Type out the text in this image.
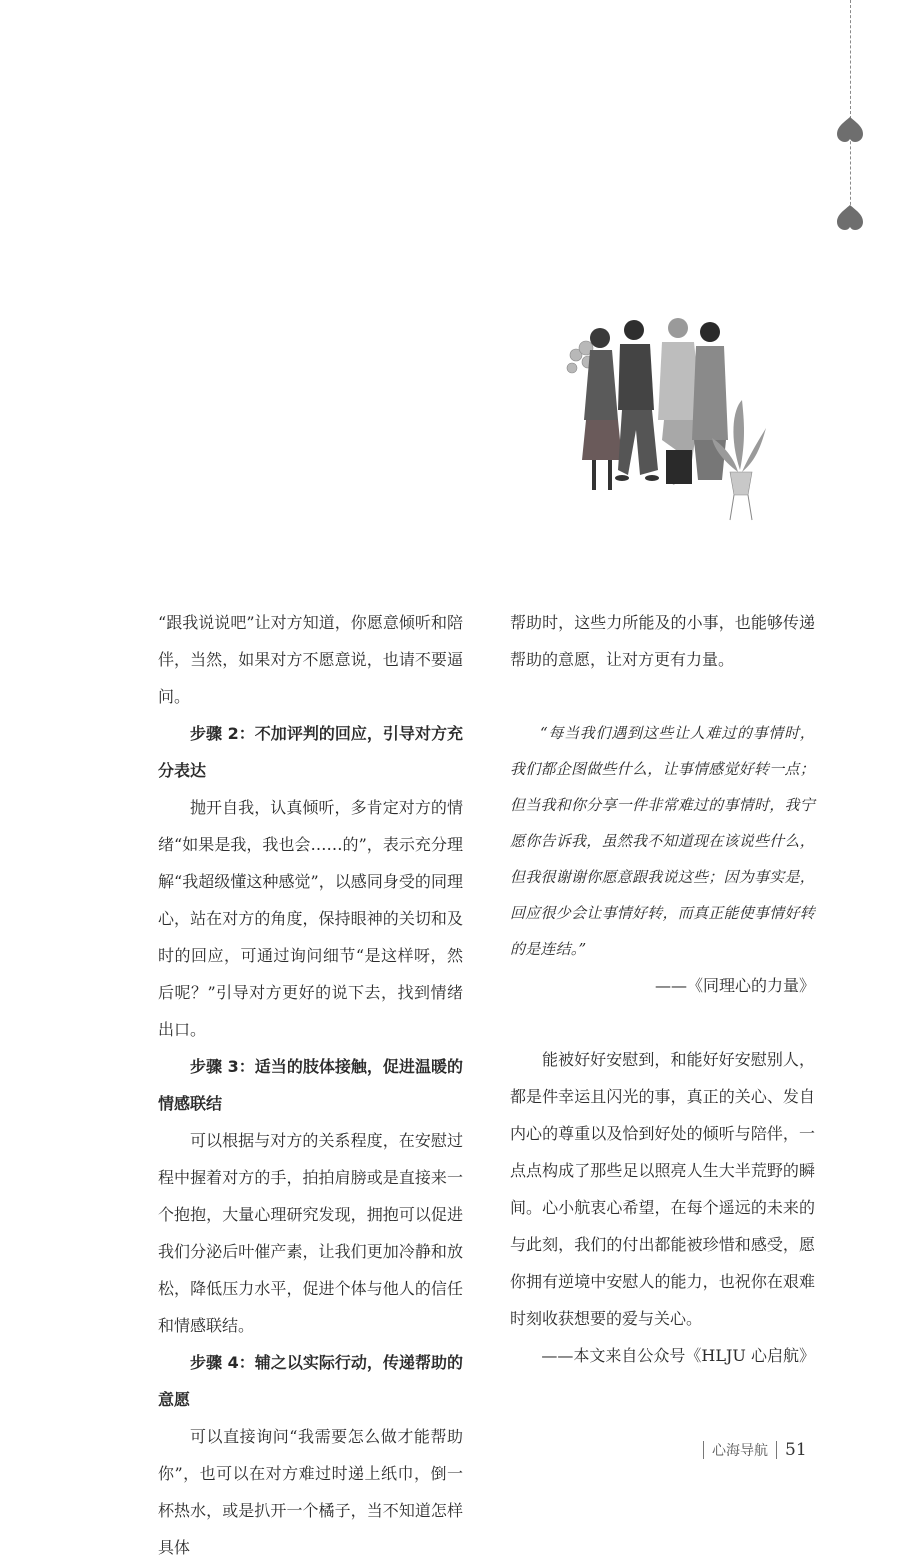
“跟我说说吧”让对方知道，你愿意倾听和陪伴，当然，如果对方不愿意说，也请不要逼问。

步骤 2：不加评判的回应，引导对方充分表达

抛开自我，认真倾听，多肯定对方的情绪“如果是我，我也会……的”，表示充分理解“我超级懂这种感觉”，以感同身受的同理心，站在对方的角度，保持眼神的关切和及时的回应，可通过询问细节“是这样呀，然后呢？”引导对方更好的说下去，找到情绪出口。

步骤 3：适当的肢体接触，促进温暖的情感联结

可以根据与对方的关系程度，在安慰过程中握着对方的手，拍拍肩膀或是直接来一个抱抱，大量心理研究发现，拥抱可以促进我们分泌后叶催产素，让我们更加冷静和放松，降低压力水平，促进个体与他人的信任和情感联结。

步骤 4：辅之以实际行动，传递帮助的意愿

可以直接询问“我需要怎么做才能帮助你”，也可以在对方难过时递上纸巾，倒一杯热水，或是扒开一个橘子，当不知道怎样具体

帮助时，这些力所能及的小事，也能够传递帮助的意愿，让对方更有力量。

“每当我们遇到这些让人难过的事情时，我们都企图做些什么，让事情感觉好转一点；但当我和你分享一件非常难过的事情时，我宁愿你告诉我，虽然我不知道现在该说些什么，但我很谢谢你愿意跟我说这些；因为事实是，回应很少会让事情好转，而真正能使事情好转的是连结。”

——《同理心的力量》

能被好好安慰到，和能好好安慰别人，都是件幸运且闪光的事，真正的关心、发自内心的尊重以及恰到好处的倾听与陪伴，一点点构成了那些足以照亮人生大半荒野的瞬间。心小航衷心希望，在每个遥远的未来的与此刻，我们的付出都能被珍惜和感受，愿你拥有逆境中安慰人的能力，也祝你在艰难时刻收获想要的爱与关心。

——本文来自公众号《HLJU 心启航》

心海导航 51
